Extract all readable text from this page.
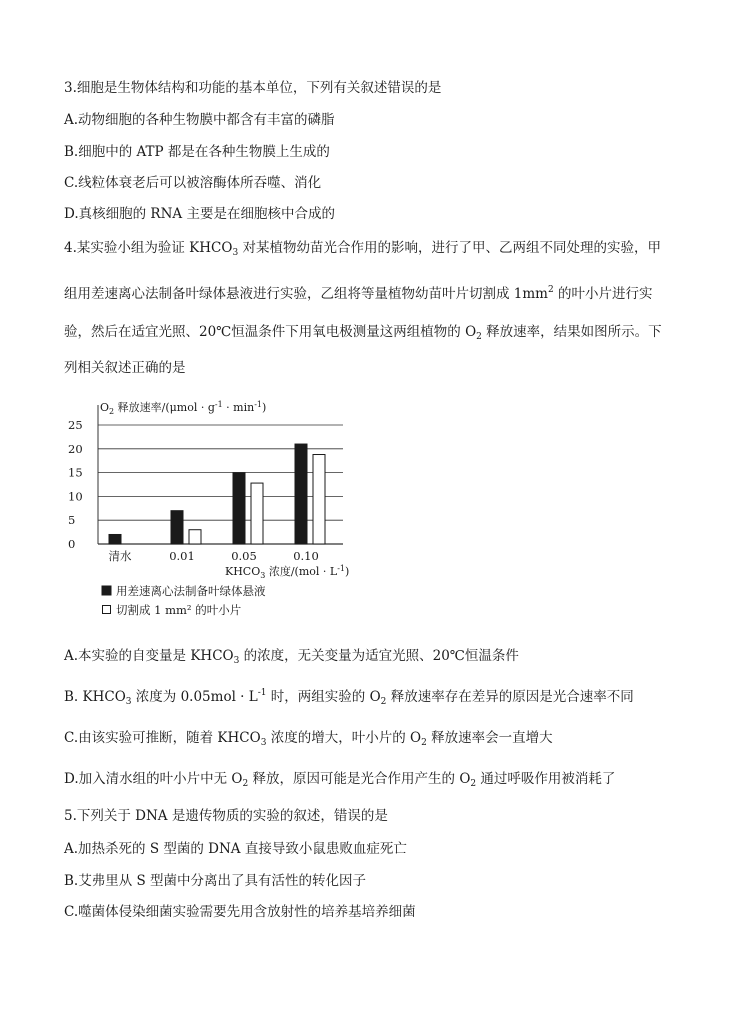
3.细胞是生物体结构和功能的基本单位，下列有关叙述错误的是
A.动物细胞的各种生物膜中都含有丰富的磷脂
B.细胞中的 ATP 都是在各种生物膜上生成的
C.线粒体衰老后可以被溶酶体所吞噬、消化
D.真核细胞的 RNA 主要是在细胞核中合成的
4.某实验小组为验证 $KHCO_3$ 对某植物幼苗光合作用的影响，进行了甲、乙两组不同处理的实验，甲
组用差速离心法制备叶绿体悬液进行实验，乙组将等量植物幼苗叶片切割成 $1mm^2$ 的叶小片进行实
验，然后在适宜光照、20℃恒温条件下用氧电极测量这两组植物的 $O_2$ 释放速率，结果如图所示。下
列相关叙述正确的是
0
5
10
15
20
25
清水	0.01	0.05	0.10
$O_2$ 释放速率$/(\mu mol \cdot g^{-1} \cdot \min^{-1})$
$KHCO_3$ 浓度$/(mol \cdot L^{-1})$
用差速离心法制备叶绿体悬液
切割成 1 mm² 的叶小片
A.本实验的自变量是 $KHCO_3$ 的浓度，无关变量为适宜光照、20℃恒温条件
B. $KHCO_3$ 浓度为 $0.05mol \cdot L^{-1}$ 时，两组实验的 $O_2$ 释放速率存在差异的原因是光合速率不同
C.由该实验可推断，随着 $KHCO_3$ 浓度的增大，叶小片的 $O_2$ 释放速率会一直增大
D.加入清水组的叶小片中无 $O_2$ 释放，原因可能是光合作用产生的 $O_2$ 通过呼吸作用被消耗了
5.下列关于 DNA 是遗传物质的实验的叙述，错误的是
A.加热杀死的 S 型菌的 DNA 直接导致小鼠患败血症死亡
B.艾弗里从 S 型菌中分离出了具有活性的转化因子
C.噬菌体侵染细菌实验需要先用含放射性的培养基培养细菌
